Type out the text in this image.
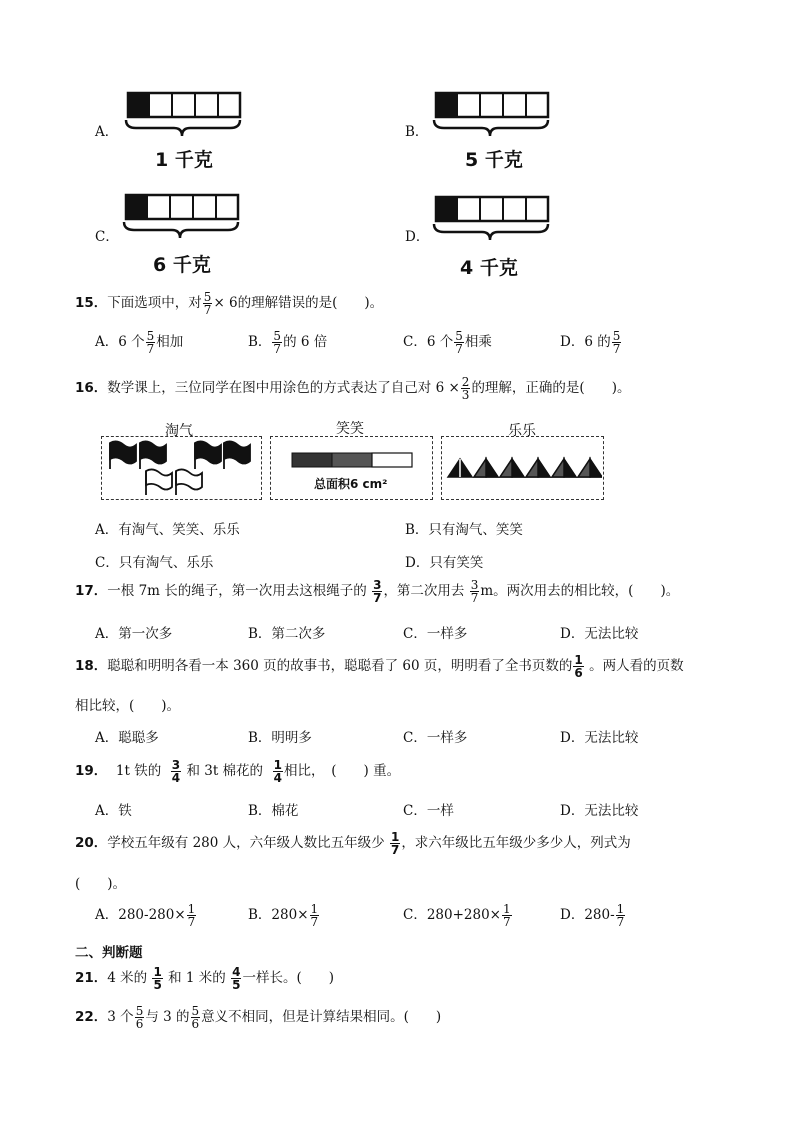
A．
1 千克
B．
5 千克
C．
6 千克
D．
4 千克
15．下面选项中，对 $\frac{5}{7} \times 6$的理解错误的是(　　)。
A．6 个 $\frac{5}{7}$ 相加	B． $\frac{5}{7}$ 的 6 倍	C．6 个 $\frac{5}{7}$ 相乘	D．6 的 $\frac{5}{7}$
16．数学课上，三位同学在图中用涂色的方式表达了自己对 $6 \times \frac{2}{3}$ 的理解，正确的是(　　)。
淘气	笑笑	乐乐
总面积6 cm²
A．有淘气、笑笑、乐乐	B．只有淘气、笑笑
C．只有淘气、乐乐	D．只有笑笑
17．一根 7m 长的绳子，第一次用去这根绳子的 $\frac{3}{7}$ ，第二次用去 $\frac{3}{7}$ m。两次用去的相比较，(　　)。
A．第一次多	B．第二次多	C．一样多	D．无法比较
18．聪聪和明明各看一本 360 页的故事书，聪聪看了 60 页，明明看了全书页数的 $\frac{1}{6}$ 。两人看的页数
相比较，(　　)。
A．聪聪多	B．明明多	C．一样多	D．无法比较
19． 1t 铁的 $\frac{3}{4}$ 和 3t 棉花的 $\frac{1}{4}$ 相比，　(　　) 重。
A．铁	B．棉花	C．一样	D．无法比较
20．学校五年级有 280 人，六年级人数比五年级少 $\frac{1}{7}$ ，求六年级比五年级少多少人，列式为
(　　)。
A．$280-280\times \frac{1}{7}$	B．$280\times \frac{1}{7}$	C．$280+280\times \frac{1}{7}$	D．$280- \frac{1}{7}$
二、判断题
21．4 米的 $\frac{1}{5}$ 和 1 米的 $\frac{4}{5}$ 一样长。(　　)
22．3 个 $\frac{5}{6}$ 与 3 的 $\frac{5}{6}$ 意义不相同，但是计算结果相同。(　　)
